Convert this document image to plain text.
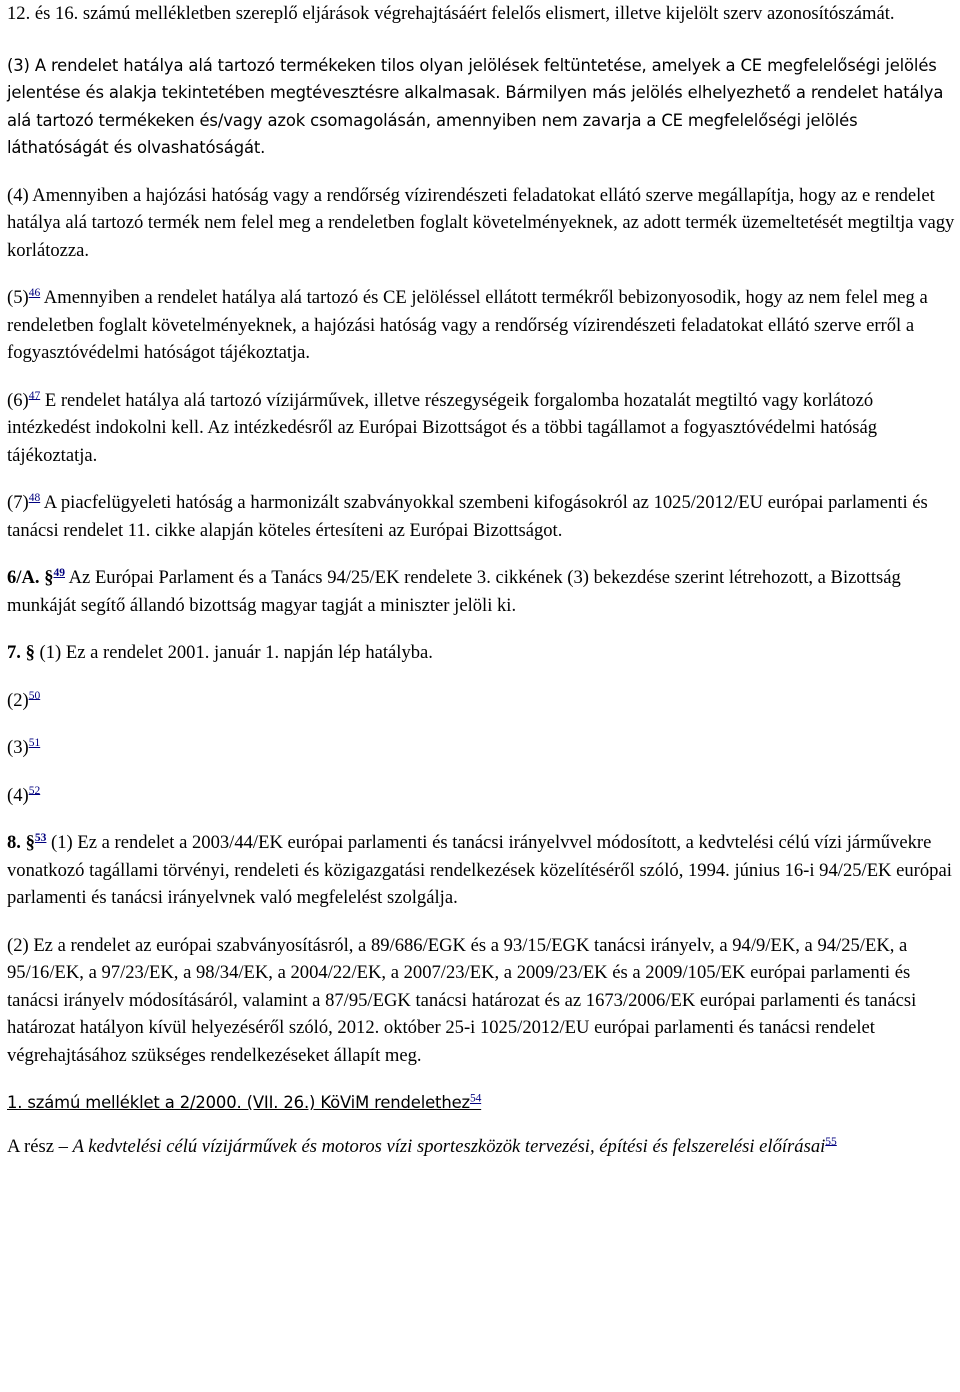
12. és 16. számú mellékletben szereplő eljárások végrehajtásáért felelős elismert, illetve kijelölt szerv azonosítószámát.

(3) A rendelet hatálya alá tartozó termékeken tilos olyan jelölések feltüntetése, amelyek a CE megfelelőségi jelölés jelentése és alakja tekintetében megtévesztésre alkalmasak. Bármilyen más jelölés elhelyezhető a rendelet hatálya alá tartozó termékeken és/vagy azok csomagolásán, amennyiben nem zavarja a CE megfelelőségi jelölés láthatóságát és olvashatóságát.

(4) Amennyiben a hajózási hatóság vagy a rendőrség vízirendészeti feladatokat ellátó szerve megállapítja, hogy az e rendelet hatálya alá tartozó termék nem felel meg a rendeletben foglalt követelményeknek, az adott termék üzemeltetését megtiltja vagy korlátozza.

(5)$^{46}$ Amennyiben a rendelet hatálya alá tartozó és CE jelöléssel ellátott termékről bebizonyosodik, hogy az nem felel meg a rendeletben foglalt követelményeknek, a hajózási hatóság vagy a rendőrség vízirendészeti feladatokat ellátó szerve erről a fogyasztóvédelmi hatóságot tájékoztatja.

(6)$^{47}$ E rendelet hatálya alá tartozó vízijárművek, illetve részegységeik forgalomba hozatalát megtiltó vagy korlátozó intézkedést indokolni kell. Az intézkedésről az Európai Bizottságot és a többi tagállamot a fogyasztóvédelmi hatóság tájékoztatja.

(7)$^{48}$ A piacfelügyeleti hatóság a harmonizált szabványokkal szembeni kifogásokról az 1025/2012/EU európai parlamenti és tanácsi rendelet 11. cikke alapján köteles értesíteni az Európai Bizottságot.

6/A. §$^{49}$ Az Európai Parlament és a Tanács 94/25/EK rendelete 3. cikkének (3) bekezdése szerint létrehozott, a Bizottság munkáját segítő állandó bizottság magyar tagját a miniszter jelöli ki.

7. § (1) Ez a rendelet 2001. január 1. napján lép hatályba.

(2)$^{50}$

(3)$^{51}$

(4)$^{52}$

8. §$^{53}$ (1) Ez a rendelet a 2003/44/EK európai parlamenti és tanácsi irányelvvel módosított, a kedvtelési célú vízi járművekre vonatkozó tagállami törvényi, rendeleti és közigazgatási rendelkezések közelítéséről szóló, 1994. június 16-i 94/25/EK európai parlamenti és tanácsi irányelvnek való megfelelést szolgálja.

(2) Ez a rendelet az európai szabványosításról, a 89/686/EGK és a 93/15/EGK tanácsi irányelv, a 94/9/EK, a 94/25/EK, a 95/16/EK, a 97/23/EK, a 98/34/EK, a 2004/22/EK, a 2007/23/EK, a 2009/23/EK és a 2009/105/EK európai parlamenti és tanácsi irányelv módosításáról, valamint a 87/95/EGK tanácsi határozat és az 1673/2006/EK európai parlamenti és tanácsi határozat hatályon kívül helyezéséről szóló, 2012. október 25-i 1025/2012/EU európai parlamenti és tanácsi rendelet végrehajtásához szükséges rendelkezéseket állapít meg.

1. számú melléklet a 2/2000. (VII. 26.) KöViM rendelethez$^{54}$

A rész – A kedvtelési célú vízijárművek és motoros vízi sporteszközök tervezési, építési és felszerelési előírásai$^{55}$
